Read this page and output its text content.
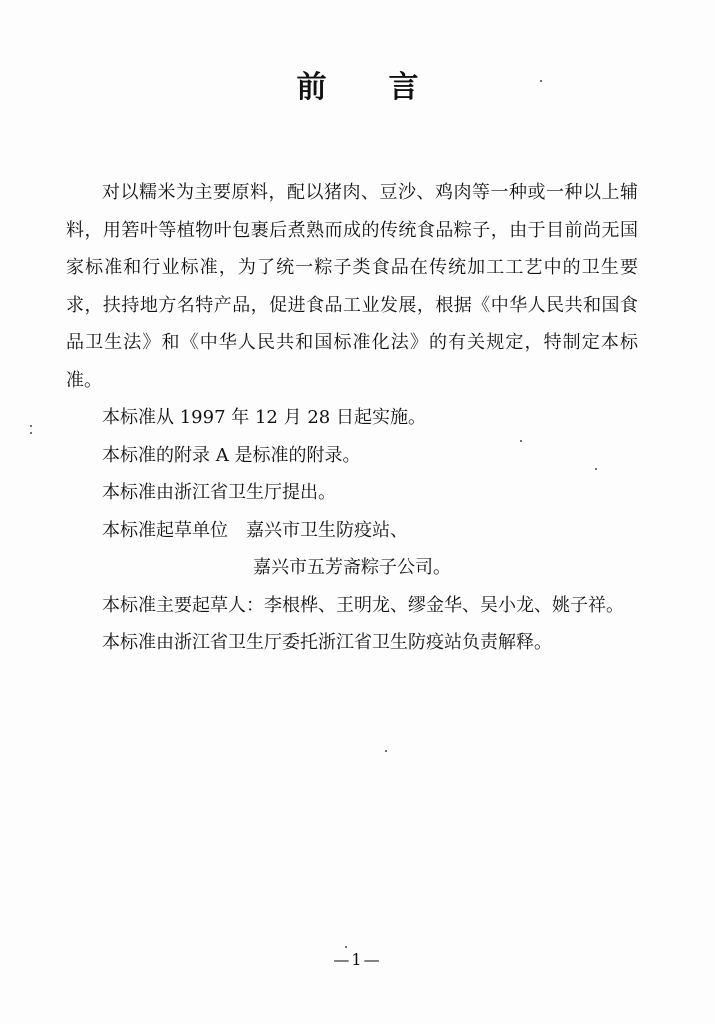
前 言

对以糯米为主要原料，配以猪肉、豆沙、鸡肉等一种或一种以上辅料，用箬叶等植物叶包裹后煮熟而成的传统食品粽子，由于目前尚无国家标准和行业标准，为了统一粽子类食品在传统加工工艺中的卫生要求，扶持地方名特产品，促进食品工业发展，根据《中华人民共和国食品卫生法》和《中华人民共和国标准化法》的有关规定，特制定本标准。

本标准从 1997 年 12 月 28 日起实施。

本标准的附录 A 是标准的附录。

本标准由浙江省卫生厅提出。

本标准起草单位　嘉兴市卫生防疫站、

嘉兴市五芳斋粽子公司。

本标准主要起草人：李根桦、王明龙、缪金华、吴小龙、姚子祥。

本标准由浙江省卫生厅委托浙江省卫生防疫站负责解释。

—1—
